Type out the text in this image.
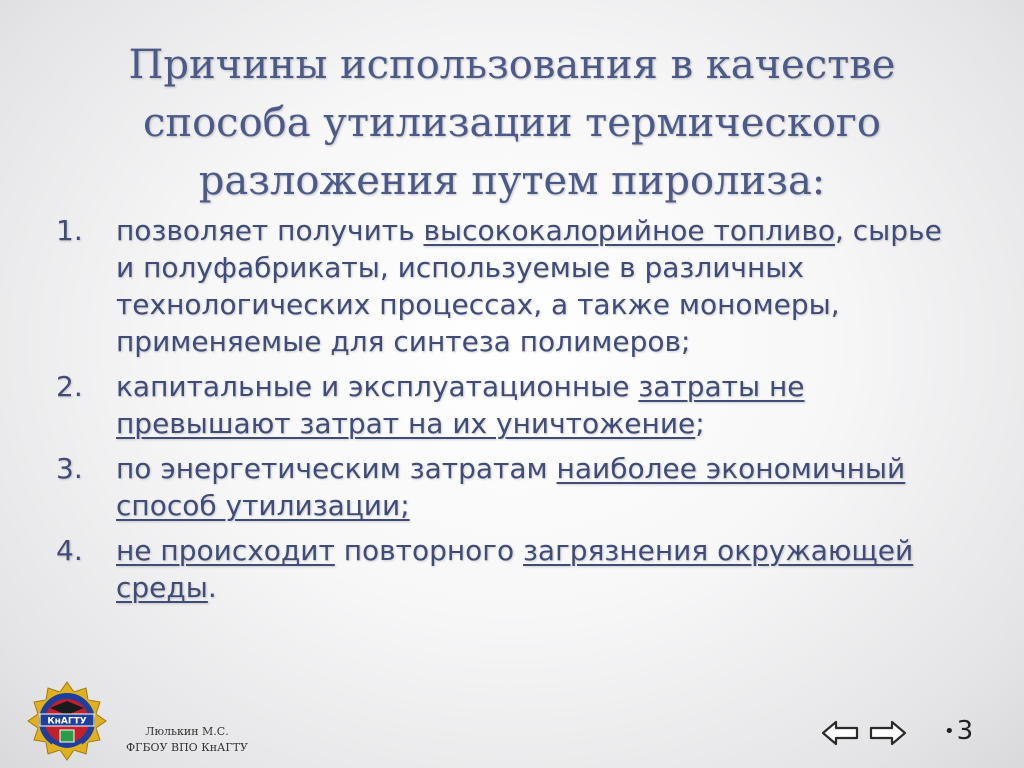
Причины использования в качестве способа утилизации термического разложения путем пиролиза:
1.	позволяет получить высококалорийное топливо, сырье и полуфабрикаты, используемые в различных технологических процессах, а также мономеры, применяемые для синтеза полимеров;
2.	капитальные и эксплуатационные затраты не превышают затрат на их уничтожение;
3.	по энергетическим затратам наиболее экономичный способ утилизации;
4.	не происходит повторного загрязнения окружающей среды.
КнАГТУ
Люлькин М.С.
ФГБОУ ВПО КнАГТУ
•3
